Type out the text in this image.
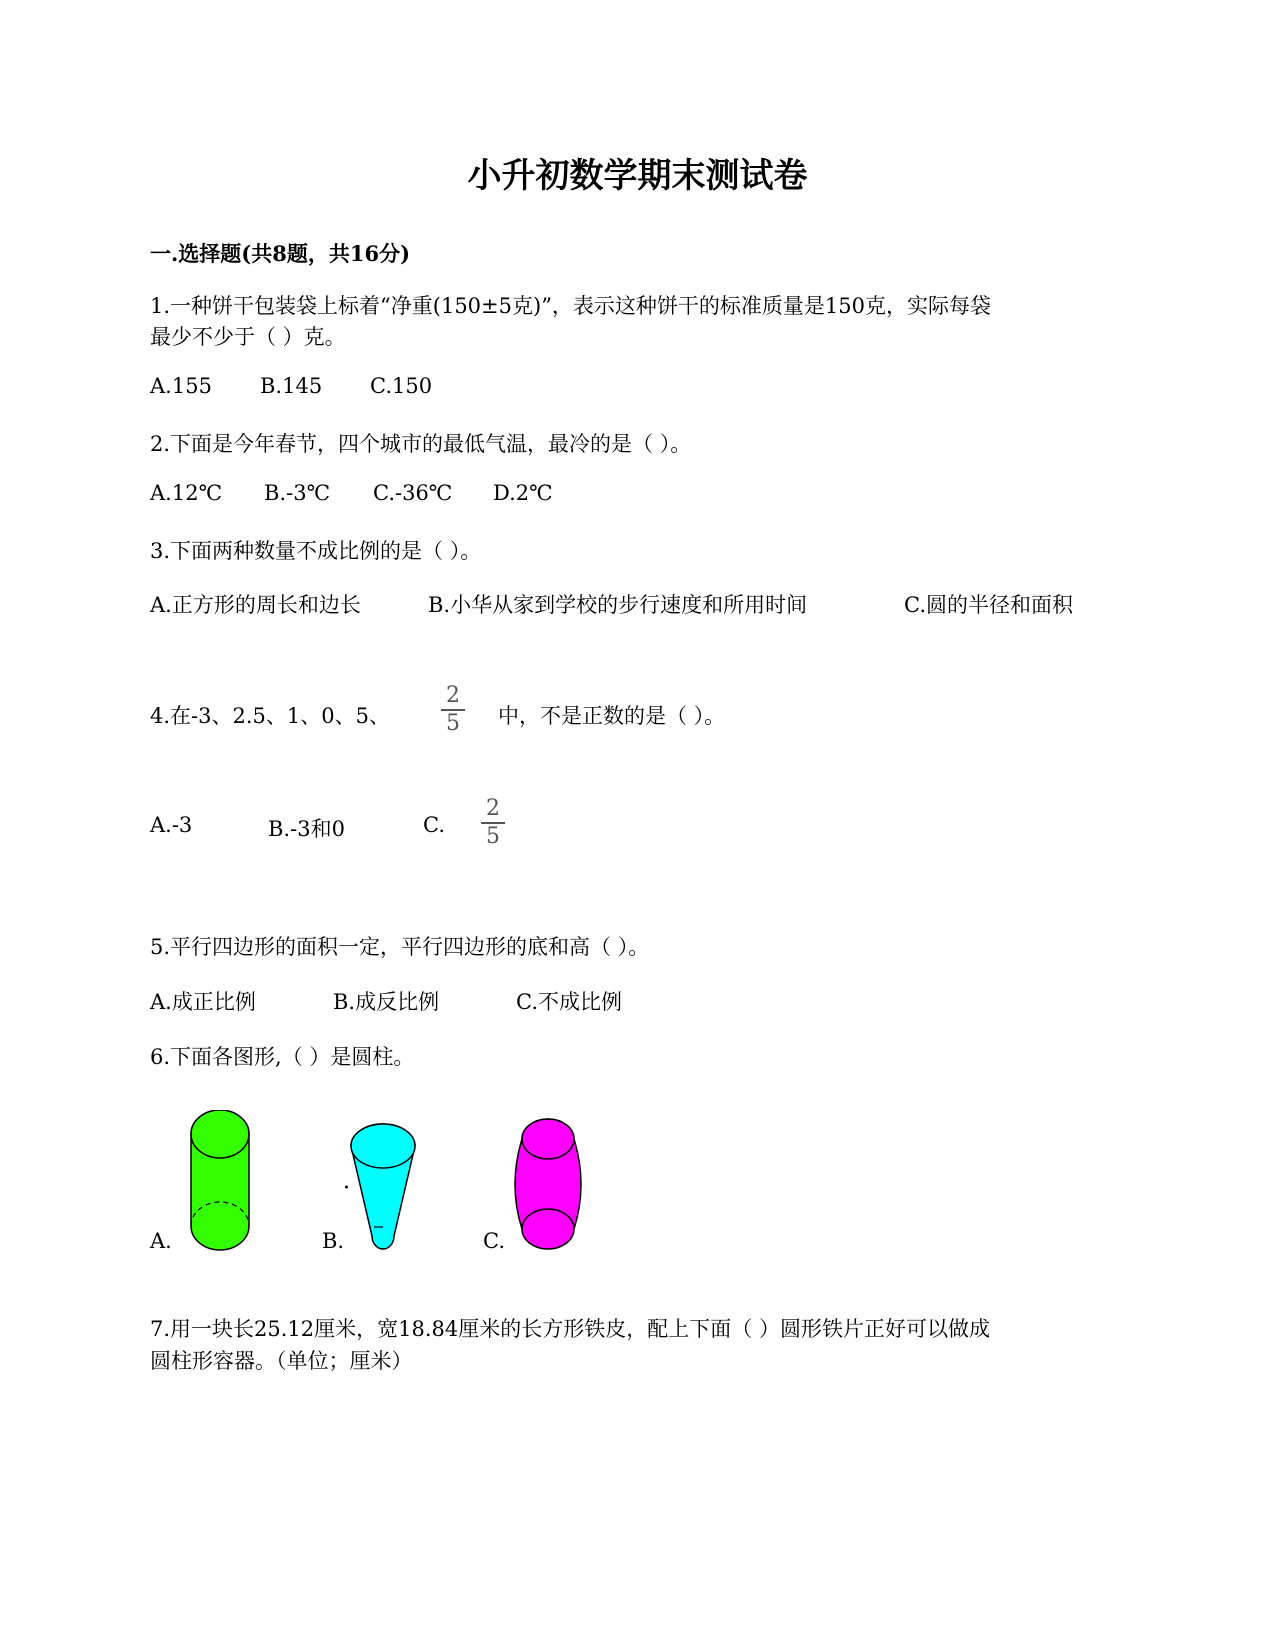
小升初数学期末测试卷
一.选择题(共8题，共16分)
1.一种饼干包装袋上标着“净重(150±5克)”，表示这种饼干的标准质量是150克，实际每袋
最少不少于（ ）克。
A.155 B.145 C.150
2.下面是今年春节，四个城市的最低气温，最冷的是（ ）。
A.12℃ B.-3℃ C.-36℃ D.2℃
3.下面两种数量不成比例的是（ ）。
A.正方形的周长和边长	B.小华从家到学校的步行速度和所用时间	C.圆的半径和面积
4.在-3、2.5、1、0、5、
2
5	中，不是正数的是（ ）。
A.-3	B.-3和0	C.
2
5
5.平行四边形的面积一定，平行四边形的底和高（ ）。
A.成正比例	B.成反比例	C.不成比例
6.下面各图形,（ ）是圆柱。
A.	B.	C.
7.用一块长25.12厘米，宽18.84厘米的长方形铁皮，配上下面（ ）圆形铁片正好可以做成
圆柱形容器。（单位；厘米）
